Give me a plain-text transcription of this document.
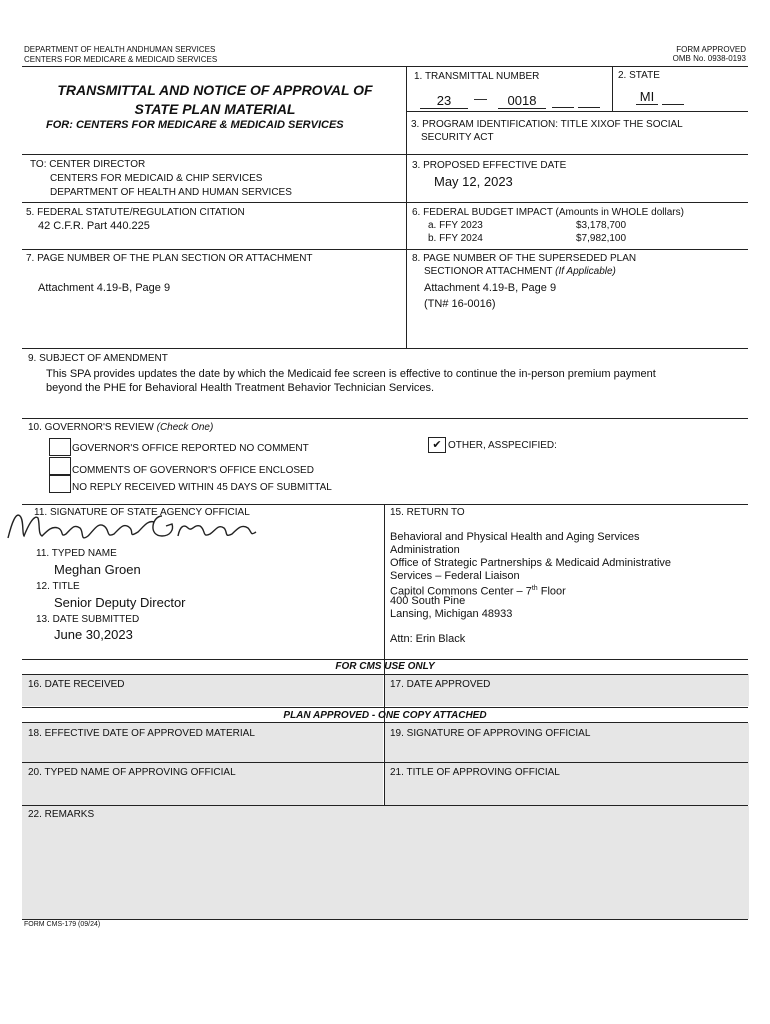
DEPARTMENT OF HEALTH ANDHUMAN SERVICES
CENTERS FOR MEDICARE & MEDICAID SERVICES
FORM APPROVED
OMB No. 0938-0193
TRANSMITTAL AND NOTICE OF APPROVAL OF
STATE PLAN MATERIAL
FOR: CENTERS FOR MEDICARE & MEDICAID SERVICES
1. TRANSMITTAL NUMBER
23	—	0018
2. STATE
MI
3. PROGRAM IDENTIFICATION: TITLE XIXOF THE SOCIAL
SECURITY ACT
TO: CENTER DIRECTOR
CENTERS FOR MEDICAID & CHIP SERVICES
DEPARTMENT OF HEALTH AND HUMAN SERVICES
3. PROPOSED EFFECTIVE DATE
May 12, 2023
5. FEDERAL STATUTE/REGULATION CITATION
42 C.F.R. Part 440.225
6. FEDERAL BUDGET IMPACT (Amounts in WHOLE dollars)
a. FFY 2023	$3,178,700
b. FFY 2024	$7,982,100
7. PAGE NUMBER OF THE PLAN SECTION OR ATTACHMENT
Attachment 4.19-B, Page 9
8. PAGE NUMBER OF THE SUPERSEDED PLAN
SECTIONOR ATTACHMENT (If Applicable)
Attachment 4.19-B, Page 9
(TN# 16-0016)
9. SUBJECT OF AMENDMENT
This SPA provides updates the date by which the Medicaid fee screen is effective to continue the in-person premium payment
beyond the PHE for Behavioral Health Treatment Behavior Technician Services.
10. GOVERNOR'S REVIEW (Check One)
GOVERNOR'S OFFICE REPORTED NO COMMENT
COMMENTS OF GOVERNOR'S OFFICE ENCLOSED
NO REPLY RECEIVED WITHIN 45 DAYS OF SUBMITTAL
✔ OTHER, ASSPECIFIED:
11. SIGNATURE OF STATE AGENCY OFFICIAL
11. TYPED NAME
Meghan Groen
12. TITLE
Senior Deputy Director
13. DATE SUBMITTED
June 30,2023
15. RETURN TO
Behavioral and Physical Health and Aging Services
Administration
Office of Strategic Partnerships & Medicaid Administrative
Services – Federal Liaison
Capitol Commons Center – 7th Floor
400 South Pine
Lansing, Michigan 48933
Attn: Erin Black
FOR CMS USE ONLY
16. DATE RECEIVED	17. DATE APPROVED
PLAN APPROVED - ONE COPY ATTACHED
18. EFFECTIVE DATE OF APPROVED MATERIAL	19. SIGNATURE OF APPROVING OFFICIAL
20. TYPED NAME OF APPROVING OFFICIAL	21. TITLE OF APPROVING OFFICIAL
22. REMARKS
FORM CMS-179 (09/24)
